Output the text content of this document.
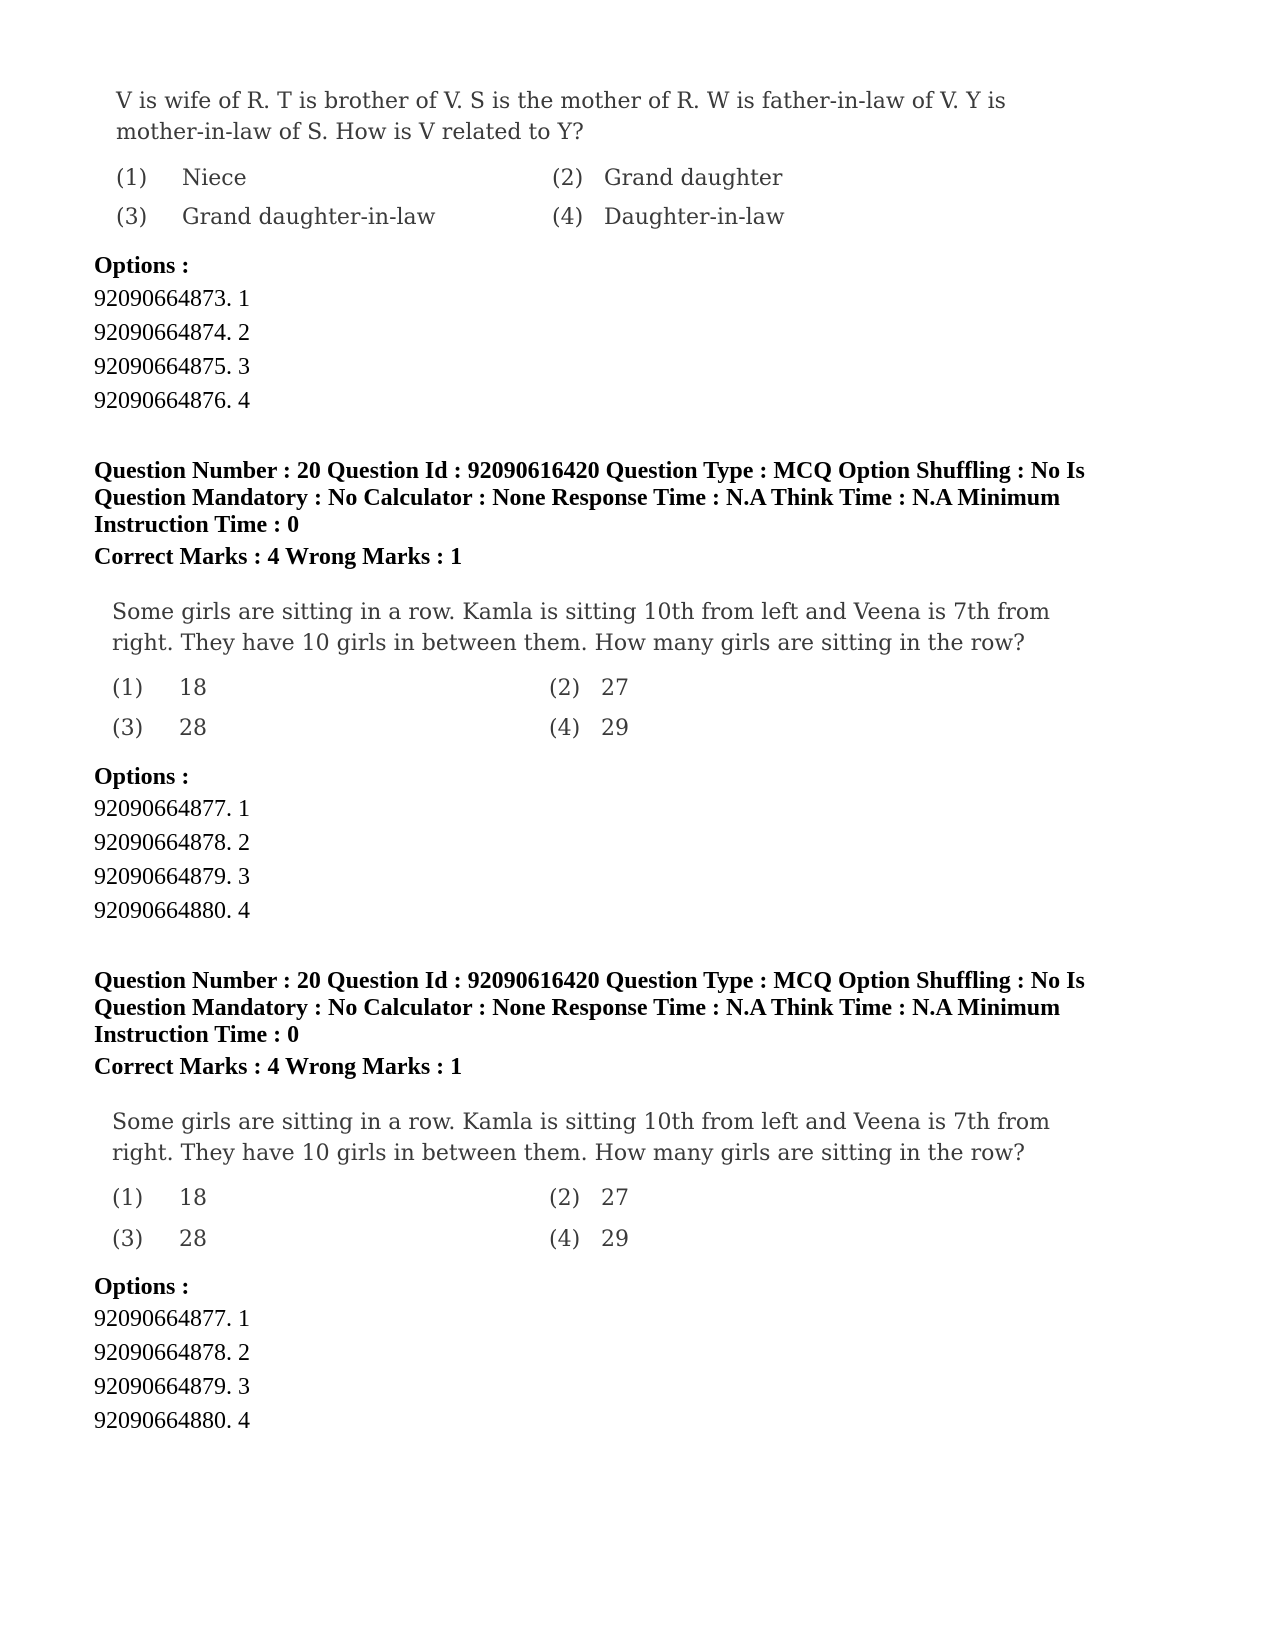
V is wife of R. T is brother of V. S is the mother of R. W is father-in-law of V. Y is
mother-in-law of S. How is V related to Y?
(1) Niece	(2) Grand daughter
(3) Grand daughter-in-law	(4) Daughter-in-law
Options :
92090664873. 1
92090664874. 2
92090664875. 3
92090664876. 4
Question Number : 20 Question Id : 92090616420 Question Type : MCQ Option Shuffling : No Is Question Mandatory : No Calculator : None Response Time : N.A Think Time : N.A Minimum Instruction Time : 0
Correct Marks : 4 Wrong Marks : 1
Some girls are sitting in a row. Kamla is sitting 10th from left and Veena is 7th from
right. They have 10 girls in between them. How many girls are sitting in the row?
(1) 18	(2) 27
(3) 28	(4) 29
Options :
92090664877. 1
92090664878. 2
92090664879. 3
92090664880. 4
Question Number : 20 Question Id : 92090616420 Question Type : MCQ Option Shuffling : No Is Question Mandatory : No Calculator : None Response Time : N.A Think Time : N.A Minimum Instruction Time : 0
Correct Marks : 4 Wrong Marks : 1
Some girls are sitting in a row. Kamla is sitting 10th from left and Veena is 7th from
right. They have 10 girls in between them. How many girls are sitting in the row?
(1) 18	(2) 27
(3) 28	(4) 29
Options :
92090664877. 1
92090664878. 2
92090664879. 3
92090664880. 4
